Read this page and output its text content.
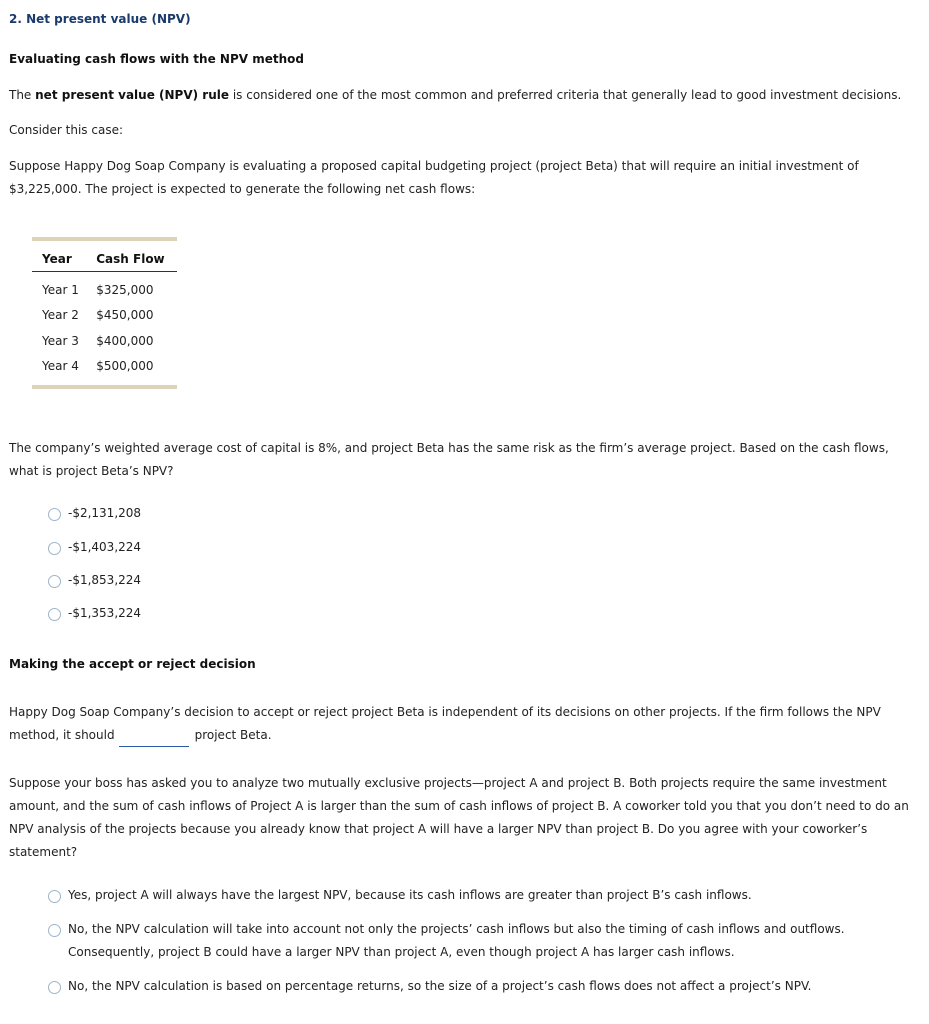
2. Net present value (NPV)
Evaluating cash flows with the NPV method
The net present value (NPV) rule is considered one of the most common and preferred criteria that generally lead to good investment decisions.
Consider this case:
Suppose Happy Dog Soap Company is evaluating a proposed capital budgeting project (project Beta) that will require an initial investment of $3,225,000. The project is expected to generate the following net cash flows:
Year	Cash Flow
Year 1	$325,000
Year 2	$450,000
Year 3	$400,000
Year 4	$500,000
The company’s weighted average cost of capital is 8%, and project Beta has the same risk as the firm’s average project. Based on the cash flows, what is project Beta’s NPV?
-$2,131,208
-$1,403,224
-$1,853,224
-$1,353,224
Making the accept or reject decision
Happy Dog Soap Company’s decision to accept or reject project Beta is independent of its decisions on other projects. If the firm follows the NPV method, it should	project Beta.
Suppose your boss has asked you to analyze two mutually exclusive projects—project A and project B. Both projects require the same investment amount, and the sum of cash inflows of Project A is larger than the sum of cash inflows of project B. A coworker told you that you don’t need to do an NPV analysis of the projects because you already know that project A will have a larger NPV than project B. Do you agree with your coworker’s statement?
Yes, project A will always have the largest NPV, because its cash inflows are greater than project B’s cash inflows.
No, the NPV calculation will take into account not only the projects’ cash inflows but also the timing of cash inflows and outflows. Consequently, project B could have a larger NPV than project A, even though project A has larger cash inflows.
No, the NPV calculation is based on percentage returns, so the size of a project’s cash flows does not affect a project’s NPV.
